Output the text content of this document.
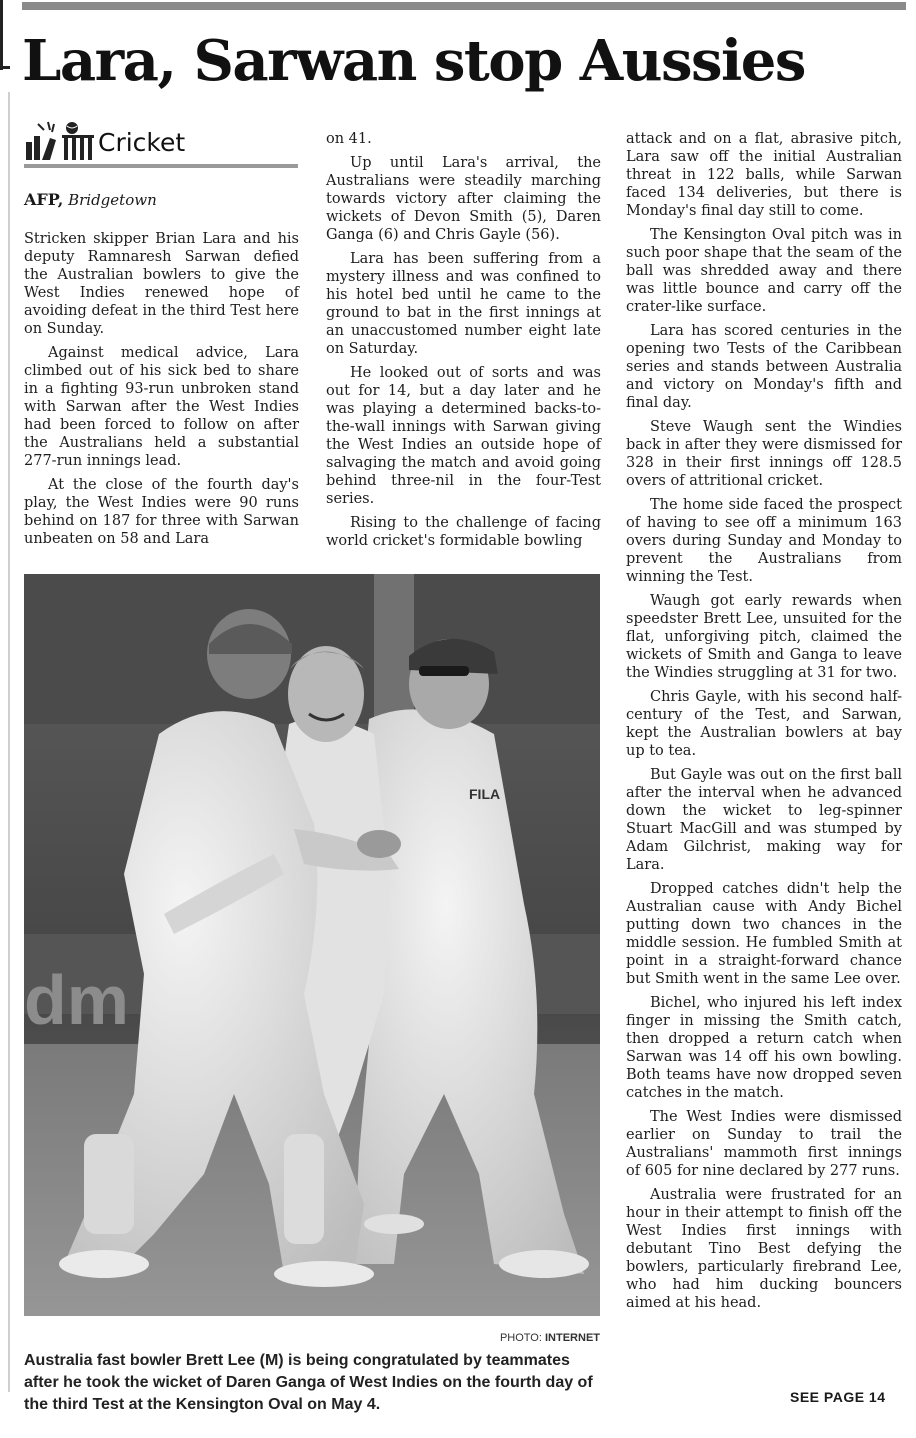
Lara, Sarwan stop Aussies
Cricket
AFP, Bridgetown

Stricken skipper Brian Lara and his deputy Ramnaresh Sarwan defied the Australian bowlers to give the West Indies renewed hope of avoiding defeat in the third Test here on Sunday.

Against medical advice, Lara climbed out of his sick bed to share in a fighting 93-run unbroken stand with Sarwan after the West Indies had been forced to follow on after the Australians held a substantial 277-run innings lead.

At the close of the fourth day's play, the West Indies were 90 runs behind on 187 for three with Sarwan unbeaten on 58 and Lara

on 41.

Up until Lara's arrival, the Australians were steadily marching towards victory after claiming the wickets of Devon Smith (5), Daren Ganga (6) and Chris Gayle (56).

Lara has been suffering from a mystery illness and was confined to his hotel bed until he came to the ground to bat in the first innings at an unaccustomed number eight late on Saturday.

He looked out of sorts and was out for 14, but a day later and he was playing a determined backs-to-the-wall innings with Sarwan giving the West Indies an outside hope of salvaging the match and avoid going behind three-nil in the four-Test series.

Rising to the challenge of facing world cricket's formidable bowling

attack and on a flat, abrasive pitch, Lara saw off the initial Australian threat in 122 balls, while Sarwan faced 134 deliveries, but there is Monday's final day still to come.

The Kensington Oval pitch was in such poor shape that the seam of the ball was shredded away and there was little bounce and carry off the crater-like surface.

Lara has scored centuries in the opening two Tests of the Caribbean series and stands between Australia and victory on Monday's fifth and final day.

Steve Waugh sent the Windies back in after they were dismissed for 328 in their first innings off 128.5 overs of attritional cricket.

The home side faced the prospect of having to see off a minimum 163 overs during Sunday and Monday to prevent the Australians from winning the Test.

Waugh got early rewards when speedster Brett Lee, unsuited for the flat, unforgiving pitch, claimed the wickets of Smith and Ganga to leave the Windies struggling at 31 for two.

Chris Gayle, with his second half-century of the Test, and Sarwan, kept the Australian bowlers at bay up to tea.

But Gayle was out on the first ball after the interval when he advanced down the wicket to leg-spinner Stuart MacGill and was stumped by Adam Gilchrist, making way for Lara.

Dropped catches didn't help the Australian cause with Andy Bichel putting down two chances in the middle session. He fumbled Smith at point in a straight-forward chance but Smith went in the same Lee over.

Bichel, who injured his left index finger in missing the Smith catch, then dropped a return catch when Sarwan was 14 off his own bowling. Both teams have now dropped seven catches in the match.

The West Indies were dismissed earlier on Sunday to trail the Australians' mammoth first innings of 605 for nine declared by 277 runs.

Australia were frustrated for an hour in their attempt to finish off the West Indies first innings with debutant Tino Best defying the bowlers, particularly firebrand Lee, who had him ducking bouncers aimed at his head.

dm
FILA
PHOTO: INTERNET
Australia fast bowler Brett Lee (M) is being congratulated by teammates after he took the wicket of Daren Ganga of West Indies on the fourth day of the third Test at the Kensington Oval on May 4.	SEE PAGE 14
